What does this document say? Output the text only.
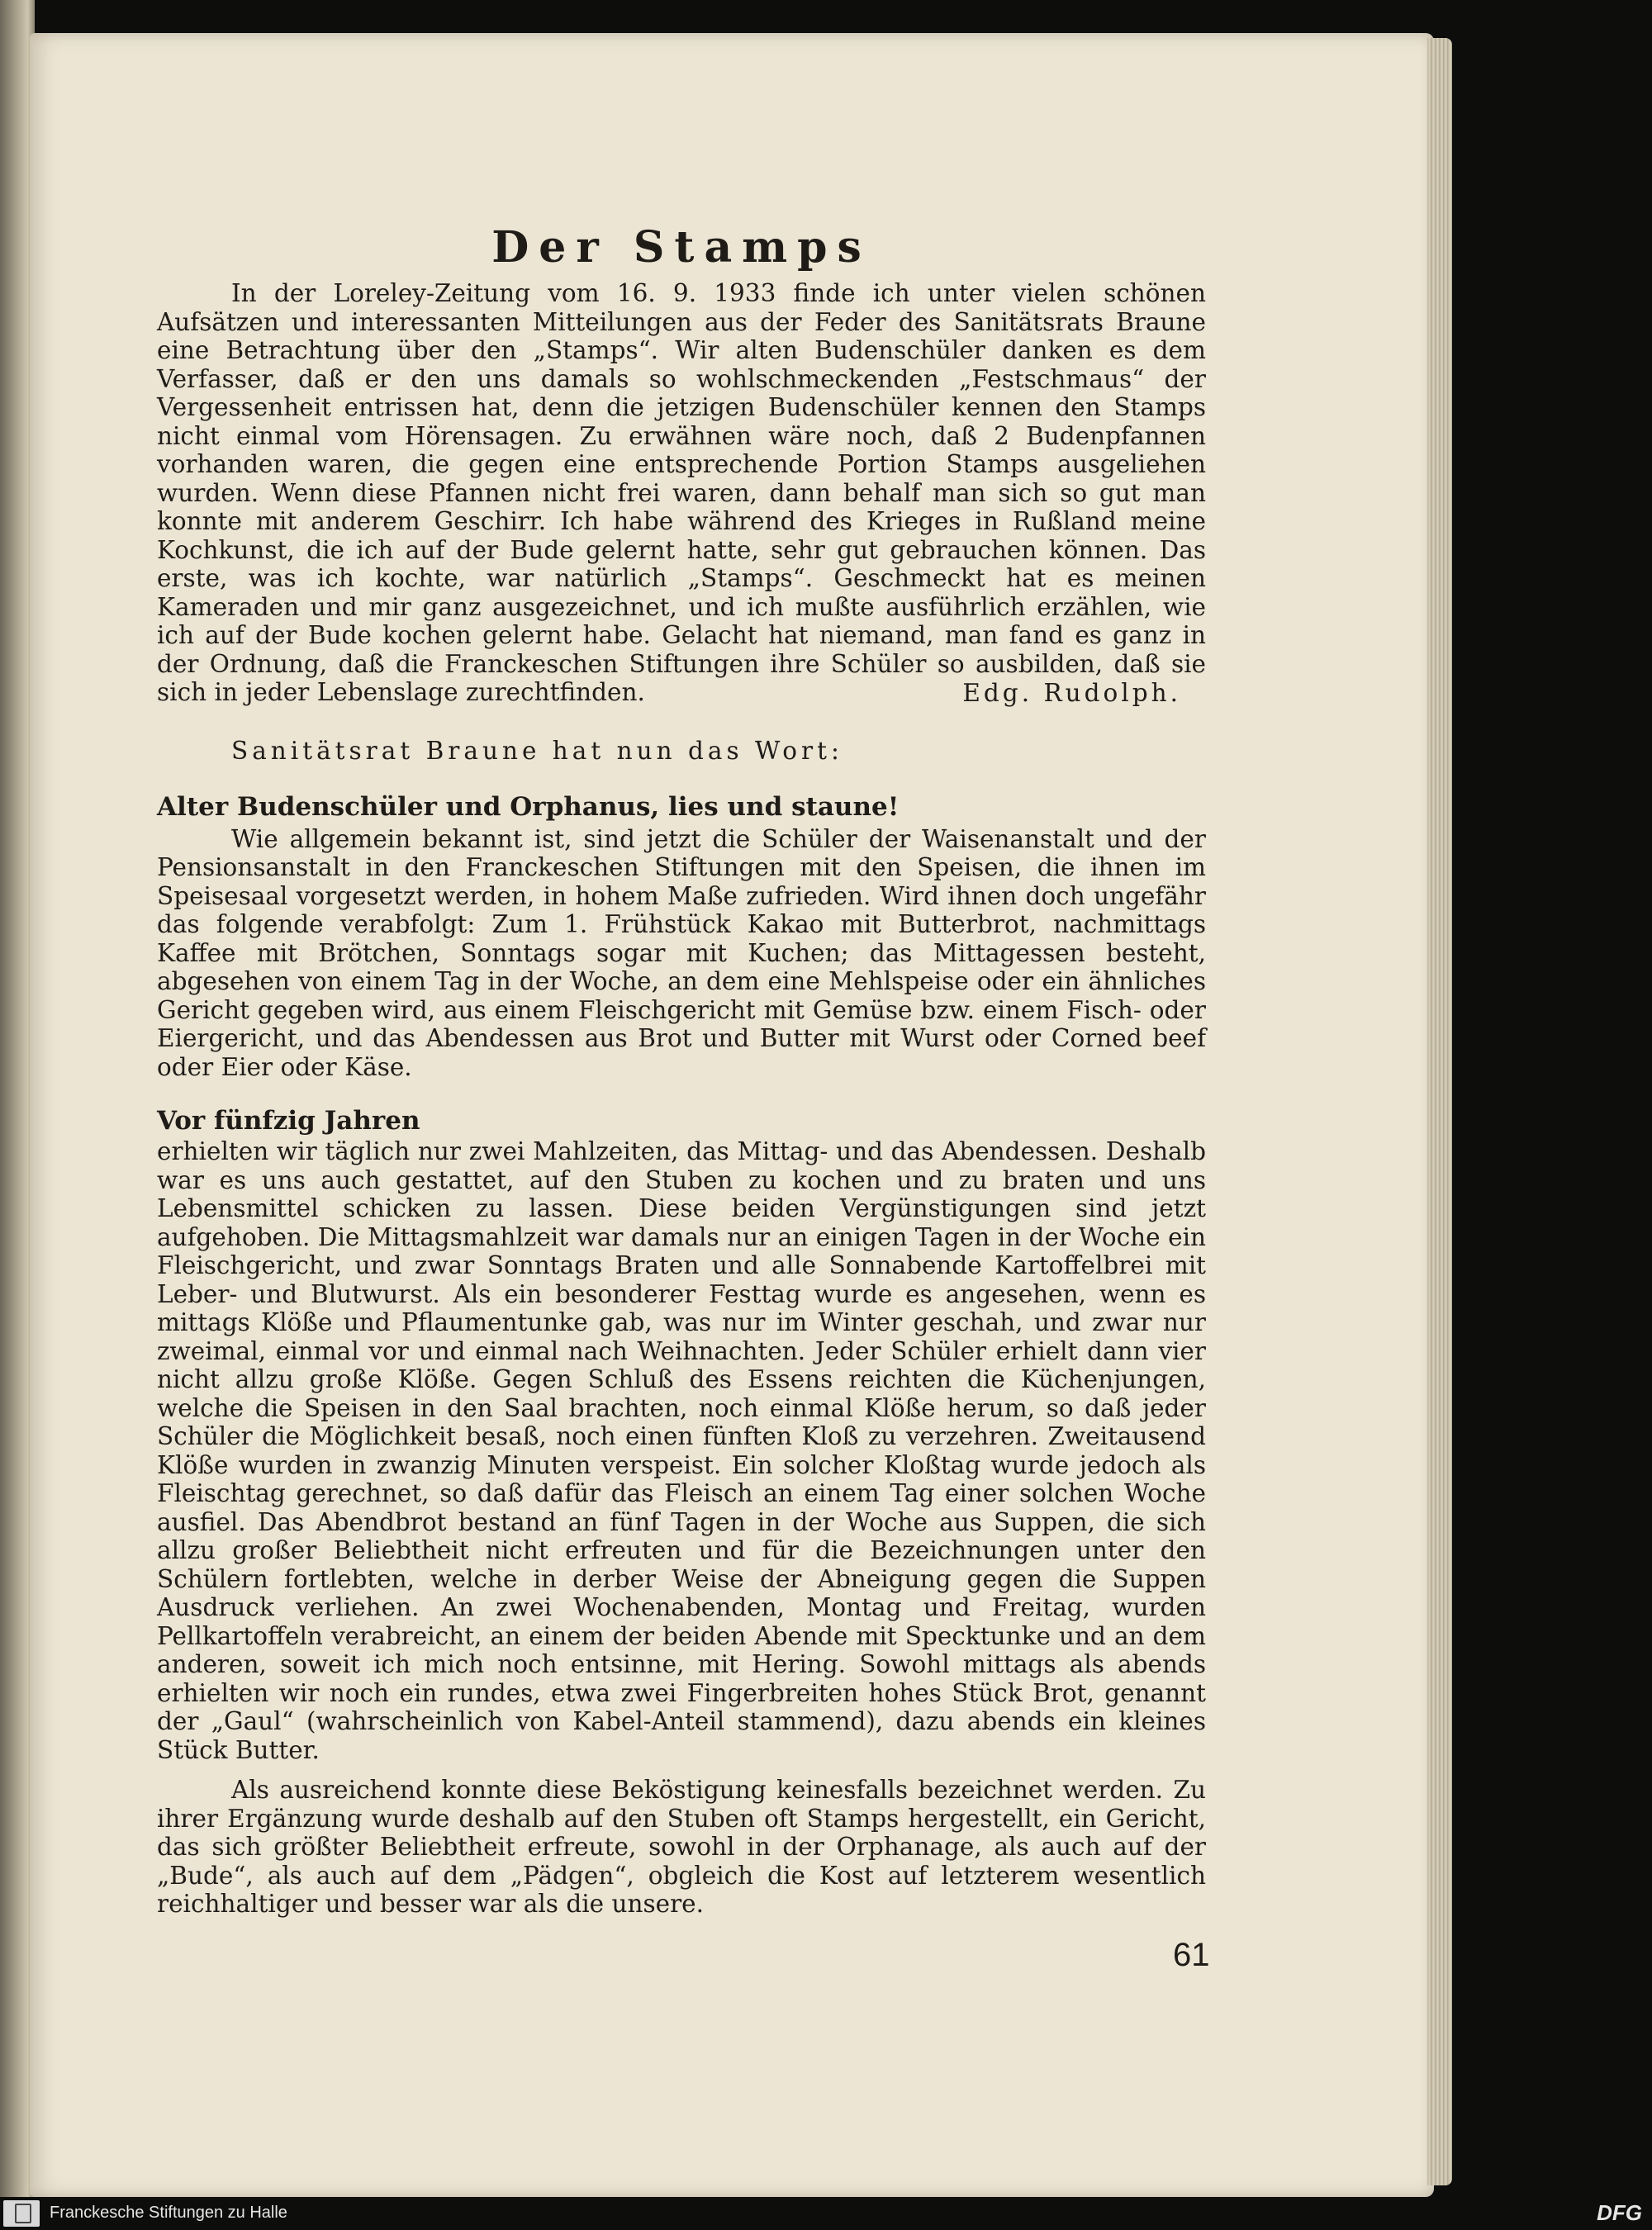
Der Stamps

In der Loreley-Zeitung vom 16. 9. 1933 finde ich unter vielen schönen Aufsätzen und interessanten Mitteilungen aus der Feder des Sanitätsrats Braune eine Betrachtung über den „Stamps“. Wir alten Budenschüler danken es dem Verfasser, daß er den uns damals so wohlschmeckenden „Festschmaus“ der Vergessenheit entrissen hat, denn die jetzigen Budenschüler kennen den Stamps nicht einmal vom Hörensagen. Zu erwähnen wäre noch, daß 2 Budenpfannen vorhanden waren, die gegen eine entsprechende Portion Stamps ausgeliehen wurden. Wenn diese Pfannen nicht frei waren, dann behalf man sich so gut man konnte mit anderem Geschirr. Ich habe während des Krieges in Rußland meine Kochkunst, die ich auf der Bude gelernt hatte, sehr gut gebrauchen können. Das erste, was ich kochte, war natürlich „Stamps“. Geschmeckt hat es meinen Kameraden und mir ganz ausgezeichnet, und ich mußte ausführlich erzählen, wie ich auf der Bude kochen gelernt habe. Gelacht hat niemand, man fand es ganz in der Ordnung, daß die Franckeschen Stiftungen ihre Schüler so ausbilden, daß sie sich in jeder Lebenslage zurechtfinden.	Edg. Rudolph.
Sanitätsrat Braune hat nun das Wort:
Alter Budenschüler und Orphanus, lies und staune!

Wie allgemein bekannt ist, sind jetzt die Schüler der Waisenanstalt und der Pensionsanstalt in den Franckeschen Stiftungen mit den Speisen, die ihnen im Speisesaal vorgesetzt werden, in hohem Maße zufrieden. Wird ihnen doch ungefähr das folgende verabfolgt: Zum 1. Frühstück Kakao mit Butterbrot, nachmittags Kaffee mit Brötchen, Sonntags sogar mit Kuchen; das Mittagessen besteht, abgesehen von einem Tag in der Woche, an dem eine Mehlspeise oder ein ähnliches Gericht gegeben wird, aus einem Fleischgericht mit Gemüse bzw. einem Fisch- oder Eiergericht, und das Abendessen aus Brot und Butter mit Wurst oder Corned beef oder Eier oder Käse.

Vor fünfzig Jahren

erhielten wir täglich nur zwei Mahlzeiten, das Mittag- und das Abendessen. Deshalb war es uns auch gestattet, auf den Stuben zu kochen und zu braten und uns Lebensmittel schicken zu lassen. Diese beiden Vergünstigungen sind jetzt aufgehoben. Die Mittagsmahlzeit war damals nur an einigen Tagen in der Woche ein Fleischgericht, und zwar Sonntags Braten und alle Sonnabende Kartoffelbrei mit Leber- und Blutwurst. Als ein besonderer Festtag wurde es angesehen, wenn es mittags Klöße und Pflaumentunke gab, was nur im Winter geschah, und zwar nur zweimal, einmal vor und einmal nach Weihnachten. Jeder Schüler erhielt dann vier nicht allzu große Klöße. Gegen Schluß des Essens reichten die Küchenjungen, welche die Speisen in den Saal brachten, noch einmal Klöße herum, so daß jeder Schüler die Möglichkeit besaß, noch einen fünften Kloß zu verzehren. Zweitausend Klöße wurden in zwanzig Minuten verspeist. Ein solcher Kloßtag wurde jedoch als Fleischtag gerechnet, so daß dafür das Fleisch an einem Tag einer solchen Woche ausfiel. Das Abendbrot bestand an fünf Tagen in der Woche aus Suppen, die sich allzu großer Beliebtheit nicht erfreuten und für die Bezeichnungen unter den Schülern fortlebten, welche in derber Weise der Abneigung gegen die Suppen Ausdruck verliehen. An zwei Wochenabenden, Montag und Freitag, wurden Pellkartoffeln verabreicht, an einem der beiden Abende mit Specktunke und an dem anderen, soweit ich mich noch entsinne, mit Hering. Sowohl mittags als abends erhielten wir noch ein rundes, etwa zwei Fingerbreiten hohes Stück Brot, genannt der „Gaul“ (wahrscheinlich von Kabel-Anteil stammend), dazu abends ein kleines Stück Butter.

Als ausreichend konnte diese Beköstigung keinesfalls bezeichnet werden. Zu ihrer Ergänzung wurde deshalb auf den Stuben oft Stamps hergestellt, ein Gericht, das sich größter Beliebtheit erfreute, sowohl in der Orphanage, als auch auf der „Bude“, als auch auf dem „Pädgen“, obgleich die Kost auf letzterem wesentlich reichhaltiger und besser war als die unsere.

61
Franckesche Stiftungen zu Halle	DFG
